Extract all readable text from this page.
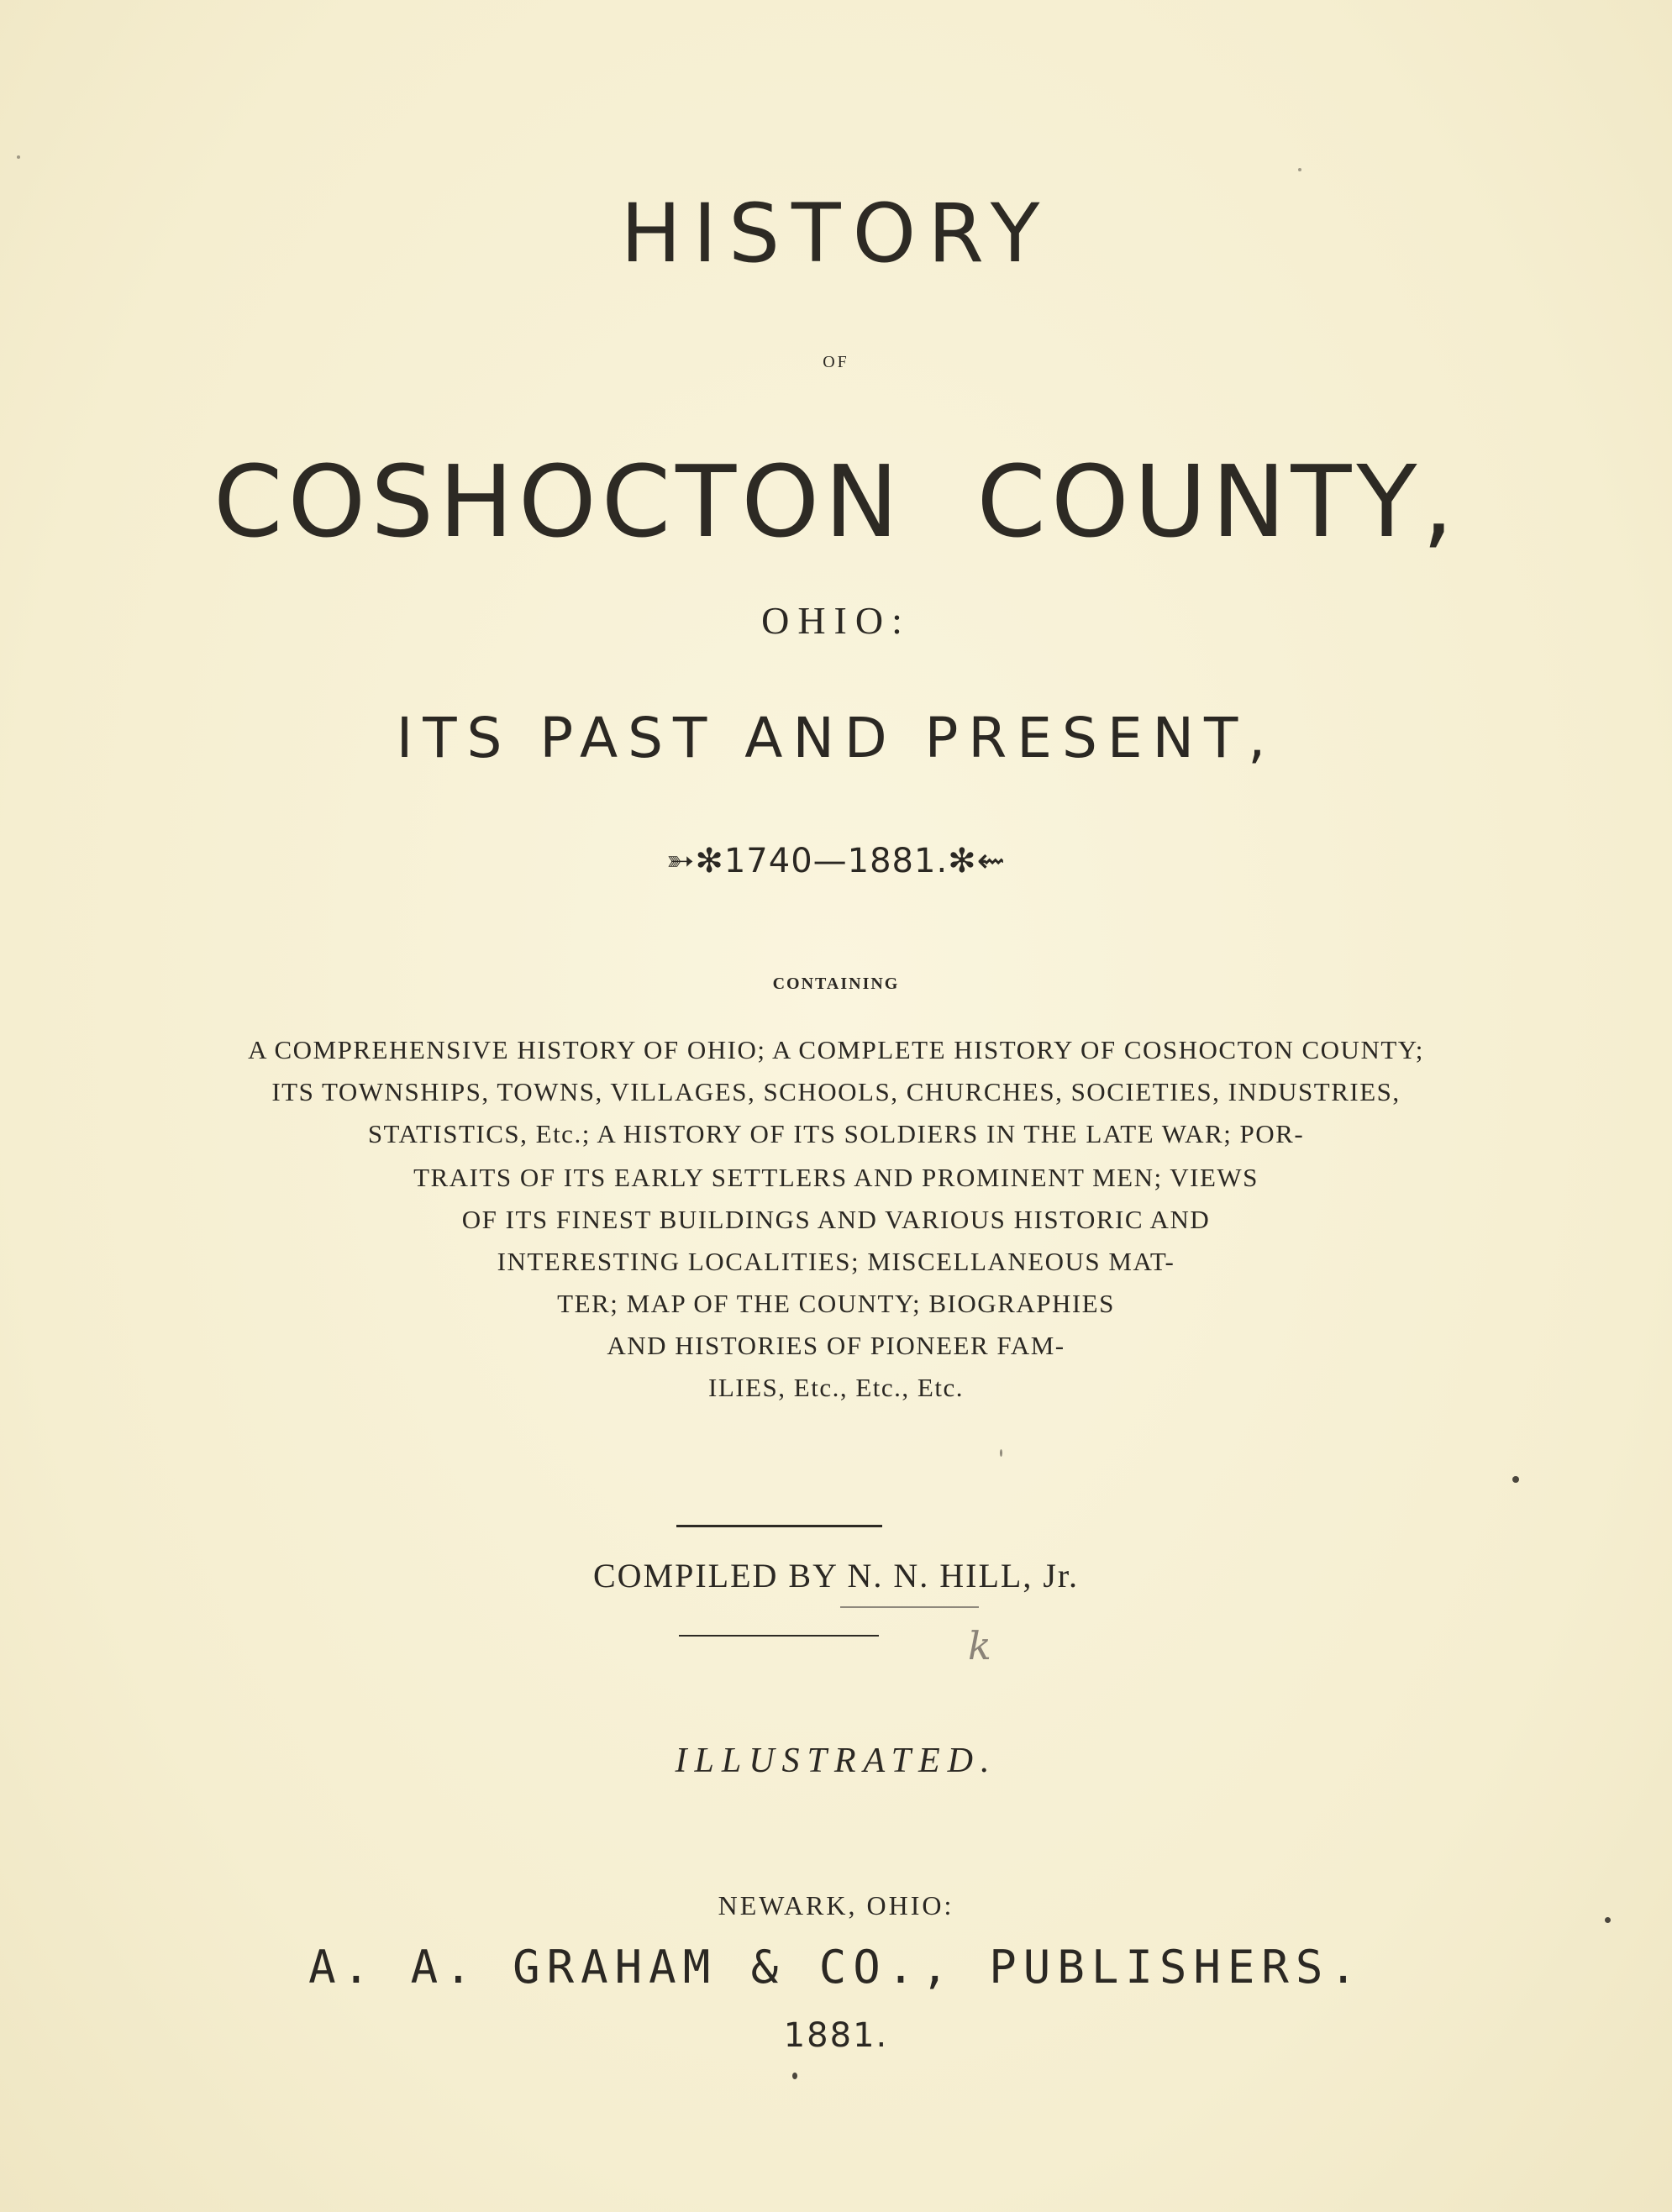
HISTORY
OF
COSHOCTON  COUNTY,
OHIO:
ITS PAST AND PRESENT,
➳✻1740—1881.✻⇜
CONTAINING
A COMPREHENSIVE HISTORY OF OHIO; A COMPLETE HISTORY OF COSHOCTON COUNTY;
ITS TOWNSHIPS, TOWNS, VILLAGES, SCHOOLS, CHURCHES, SOCIETIES, INDUSTRIES,
STATISTICS, Etc.; A HISTORY OF ITS SOLDIERS IN THE LATE WAR; POR-
TRAITS OF ITS EARLY SETTLERS AND PROMINENT MEN; VIEWS
OF ITS FINEST BUILDINGS AND VARIOUS HISTORIC AND
INTERESTING LOCALITIES; MISCELLANEOUS MAT-
TER; MAP OF THE COUNTY; BIOGRAPHIES
AND HISTORIES OF PIONEER FAM-
ILIES, Etc., Etc., Etc.
COMPILED BY N. N. HILL, Jr.
k
ILLUSTRATED.
NEWARK, OHIO:
A. A. GRAHAM & CO., PUBLISHERS.
1881.
